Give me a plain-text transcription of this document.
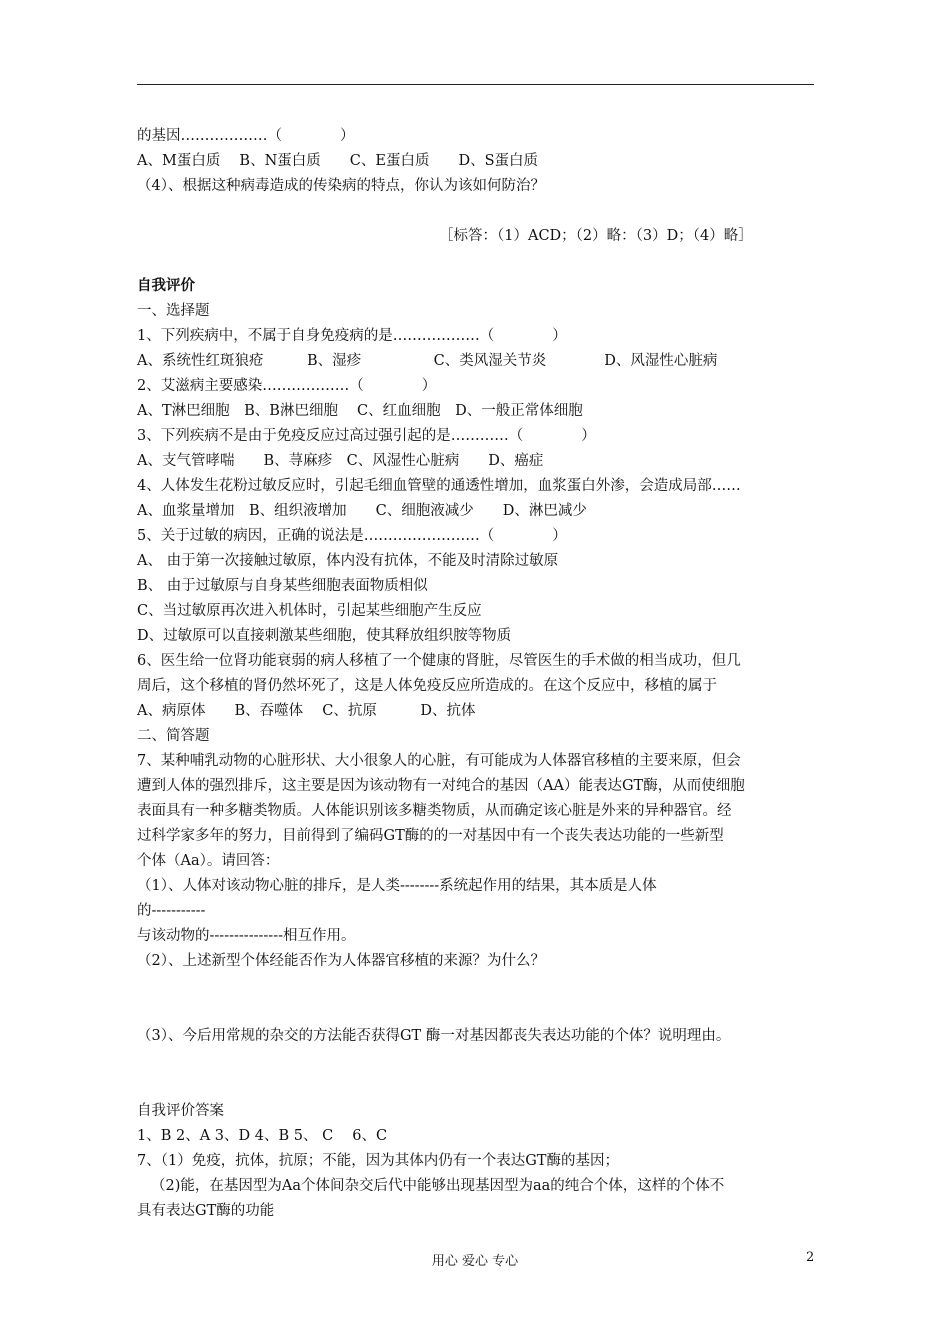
的基因………………（　　　　）
A、M蛋白质　 B、N蛋白质　　C、E蛋白质　　D、S蛋白质
（4）、根据这种病毒造成的传染病的特点，你认为该如何防治？
［标答：（1）ACD；（2）略：（3）D；（4）略］
自我评价
一、选择题
1、下列疾病中，不属于自身免疫病的是………………（　　　　）
A、系统性红斑狼疮　　　B、湿疹　　　　　C、类风湿关节炎　　　　D、风湿性心脏病
2、艾滋病主要感染………………（　　　　）
A、T淋巴细胞　B、B淋巴细胞　 C、红血细胞　D、一般正常体细胞
3、下列疾病不是由于免疫反应过高过强引起的是…………（　　　　）
A、支气管哮喘　　B、荨麻疹　C、风湿性心脏病　　D、癌症
4、人体发生花粉过敏反应时，引起毛细血管壁的通透性增加，血浆蛋白外渗，会造成局部……
A、血浆量增加　B、组织液增加　　C、细胞液减少　　D、淋巴减少
5、关于过敏的病因，正确的说法是……………………（　　　　）
A、 由于第一次接触过敏原，体内没有抗体，不能及时清除过敏原
B、 由于过敏原与自身某些细胞表面物质相似
C、当过敏原再次进入机体时，引起某些细胞产生反应
D、过敏原可以直接刺激某些细胞，使其释放组织胺等物质
6、医生给一位肾功能衰弱的病人移植了一个健康的肾脏，尽管医生的手术做的相当成功，但几
周后，这个移植的肾仍然坏死了，这是人体免疫反应所造成的。在这个反应中，移植的属于
A、病原体　　B、吞噬体　 C、抗原　　　D、抗体
二、简答题
7、某种哺乳动物的心脏形状、大小很象人的心脏，有可能成为人体器官移植的主要来原，但会
遭到人体的强烈排斥，这主要是因为该动物有一对纯合的基因（AA）能表达GT酶，从而使细胞
表面具有一种多糖类物质。人体能识别该多糖类物质，从而确定该心脏是外来的异种器官。经
过科学家多年的努力，目前得到了编码GT酶的的一对基因中有一个丧失表达功能的一些新型
个体（Aa）。请回答：
（1）、人体对该动物心脏的排斥，是人类--------系统起作用的结果，其本质是人体
的-----------
与该动物的---------------相互作用。
（2）、上述新型个体经能否作为人体器官移植的来源？为什么？
（3）、今后用常规的杂交的方法能否获得GT 酶一对基因都丧失表达功能的个体？说明理由。
自我评价答案
1、B 2、A 3、D 4、B 5、 C　 6、C
7、（1）免疫，抗体，抗原；不能，因为其体内仍有一个表达GT酶的基因；
（2)能，在基因型为Aa个体间杂交后代中能够出现基因型为aa的纯合个体，这样的个体不
具有表达GT酶的功能
用心 爱心 专心	2
